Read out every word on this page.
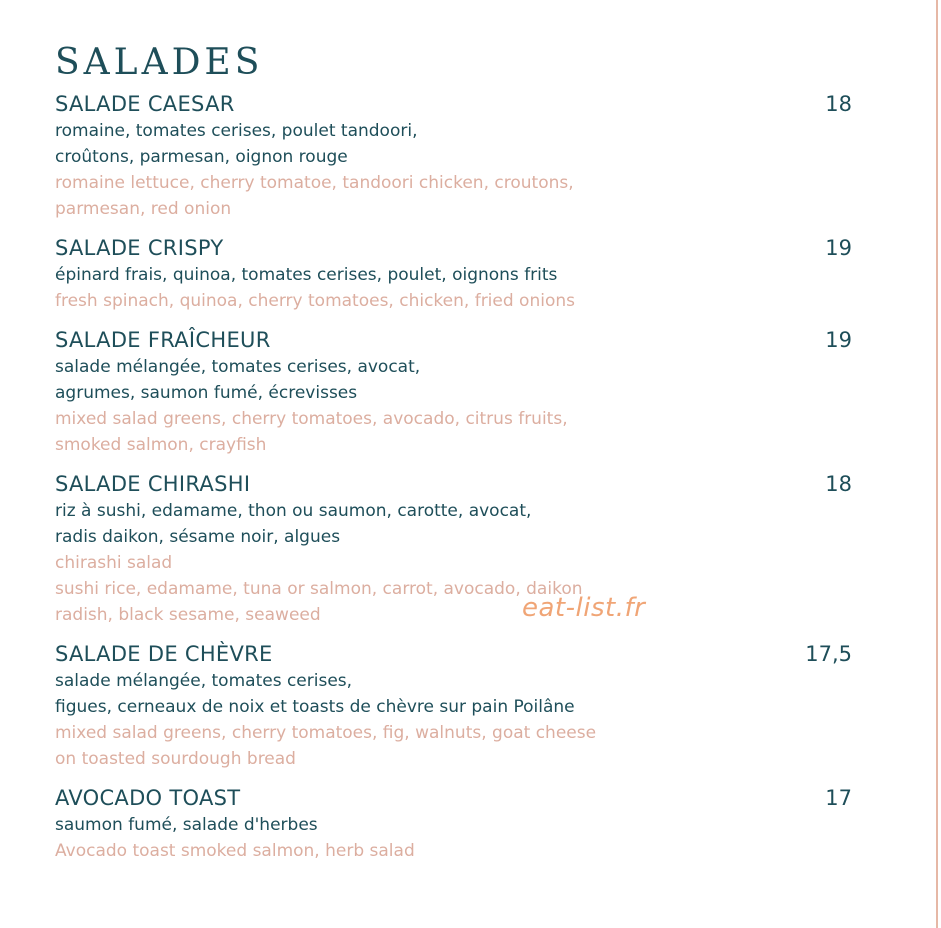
SALADES
SALADE CAESAR	18
romaine, tomates cerises, poulet tandoori,
croûtons, parmesan, oignon rouge
romaine lettuce, cherry tomatoe, tandoori chicken, croutons,
parmesan, red onion
SALADE CRISPY	19
épinard frais, quinoa, tomates cerises, poulet, oignons frits
fresh spinach, quinoa, cherry tomatoes, chicken, fried onions
SALADE FRAÎCHEUR	19
salade mélangée, tomates cerises, avocat,
agrumes, saumon fumé, écrevisses
mixed salad greens, cherry tomatoes, avocado, citrus fruits,
smoked salmon, crayfish
SALADE CHIRASHI	18
riz à sushi, edamame, thon ou saumon, carotte, avocat,
radis daikon, sésame noir, algues
chirashi salad
sushi rice, edamame, tuna or salmon, carrot, avocado, daikon
radish, black sesame, seaweed
SALADE DE CHÈVRE	17,5
salade mélangée, tomates cerises,
figues, cerneaux de noix et toasts de chèvre sur pain Poilâne
mixed salad greens, cherry tomatoes, fig, walnuts, goat cheese
on toasted sourdough bread
AVOCADO TOAST	17
saumon fumé, salade d'herbes
Avocado toast smoked salmon, herb salad
eat-list.fr
